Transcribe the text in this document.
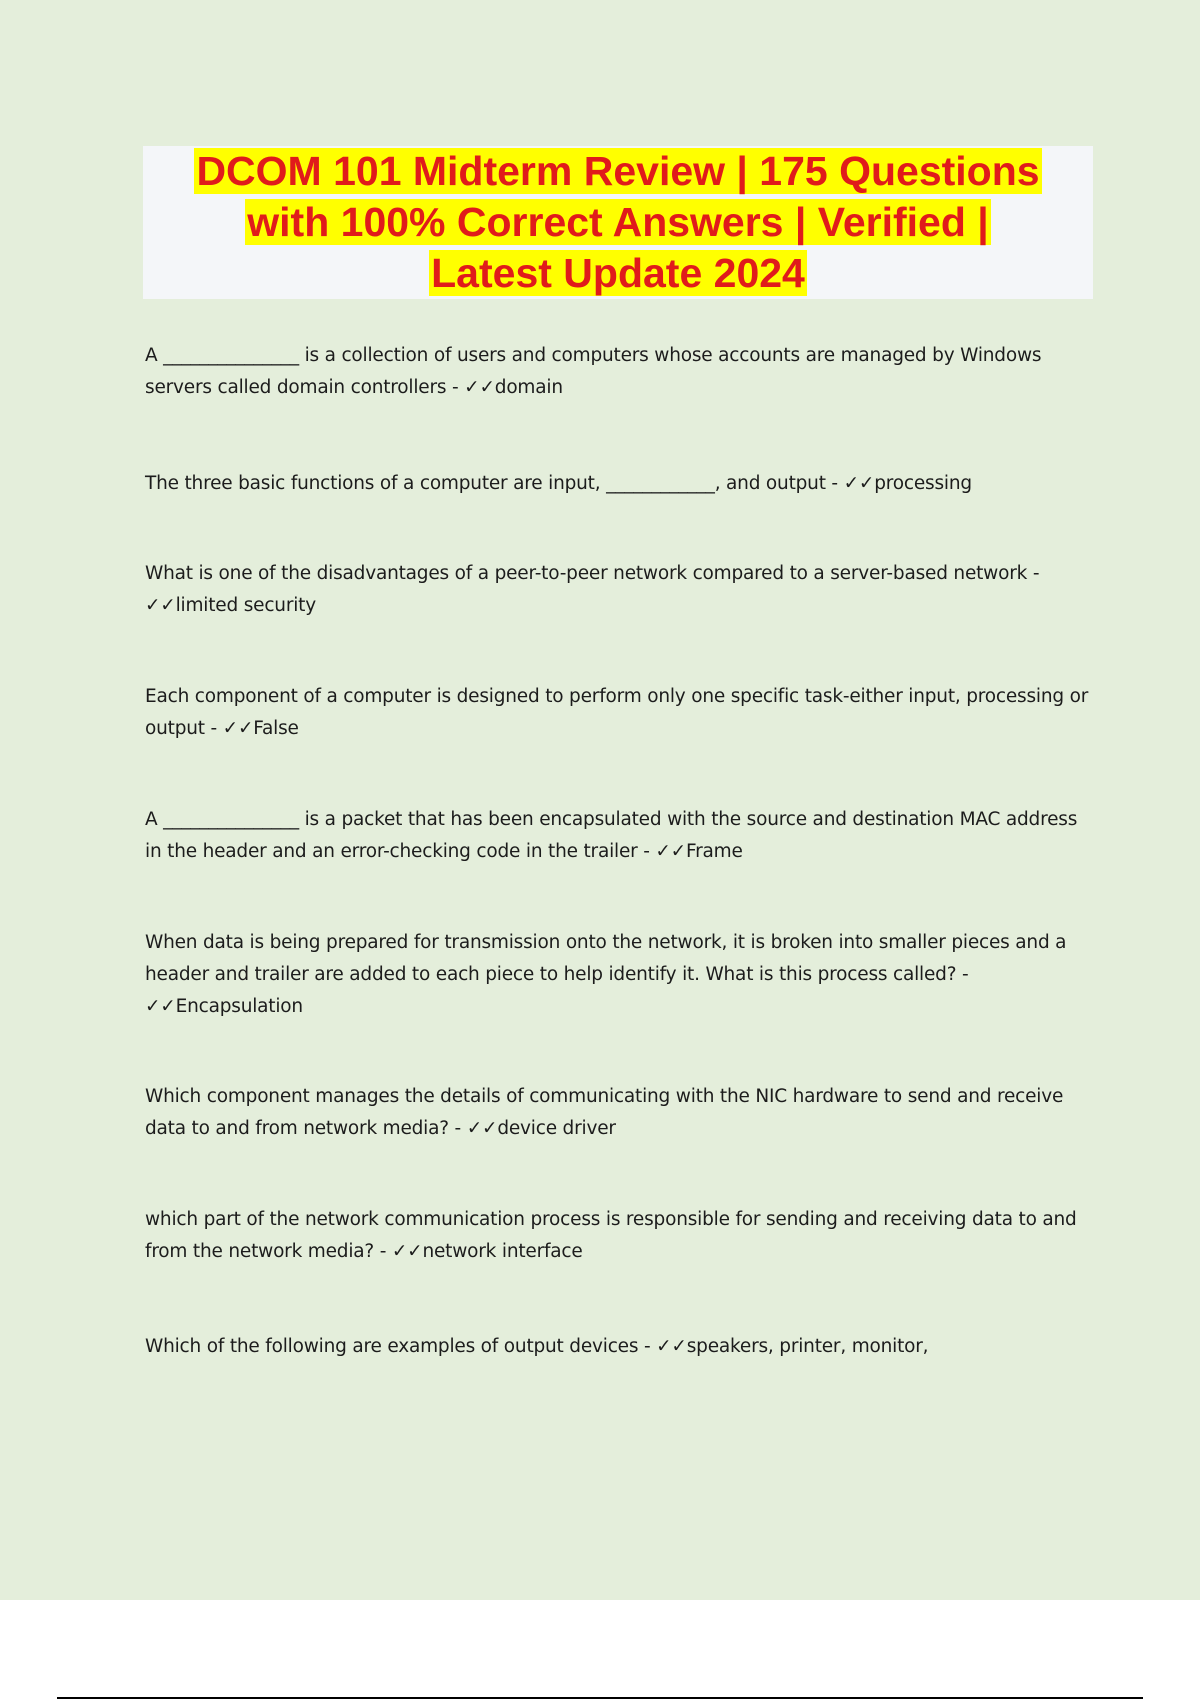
DCOM 101 Midterm Review | 175 Questions
with 100% Correct Answers | Verified |
Latest Update 2024
A _______________ is a collection of users and computers whose accounts are managed by Windows servers called domain controllers - ✓✓domain
The three basic functions of a computer are input, ____________, and output - ✓✓processing
What is one of the disadvantages of a peer-to-peer network compared to a server-based network - ✓✓limited security
Each component of a computer is designed to perform only one specific task-either input, processing or output - ✓✓False
A _______________ is a packet that has been encapsulated with the source and destination MAC address in the header and an error-checking code in the trailer - ✓✓Frame
When data is being prepared for transmission onto the network, it is broken into smaller pieces and a header and trailer are added to each piece to help identify it. What is this process called? - ✓✓Encapsulation
Which component manages the details of communicating with the NIC hardware to send and receive data to and from network media? - ✓✓device driver
which part of the network communication process is responsible for sending and receiving data to and from the network media? - ✓✓network interface
Which of the following are examples of output devices - ✓✓speakers, printer, monitor,
